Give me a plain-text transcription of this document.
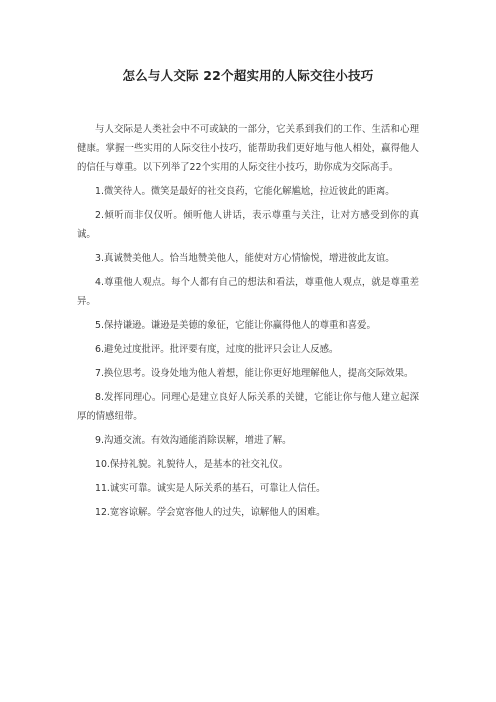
怎么与人交际 22个超实用的人际交往小技巧

与人交际是人类社会中不可或缺的一部分，它关系到我们的工作、生活和心理健康。掌握一些实用的人际交往小技巧，能帮助我们更好地与他人相处，赢得他人的信任与尊重。以下列举了22个实用的人际交往小技巧，助你成为交际高手。

1.微笑待人。微笑是最好的社交良药，它能化解尴尬，拉近彼此的距离。

2.倾听而非仅仅听。倾听他人讲话，表示尊重与关注，让对方感受到你的真诚。

3.真诚赞美他人。恰当地赞美他人，能使对方心情愉悦，增进彼此友谊。

4.尊重他人观点。每个人都有自己的想法和看法，尊重他人观点，就是尊重差异。

5.保持谦逊。谦逊是美德的象征，它能让你赢得他人的尊重和喜爱。

6.避免过度批评。批评要有度，过度的批评只会让人反感。

7.换位思考。设身处地为他人着想，能让你更好地理解他人，提高交际效果。

8.发挥同理心。同理心是建立良好人际关系的关键，它能让你与他人建立起深厚的情感纽带。

9.沟通交流。有效沟通能消除误解，增进了解。

10.保持礼貌。礼貌待人，是基本的社交礼仪。

11.诚实可靠。诚实是人际关系的基石，可靠让人信任。

12.宽容谅解。学会宽容他人的过失，谅解他人的困难。
